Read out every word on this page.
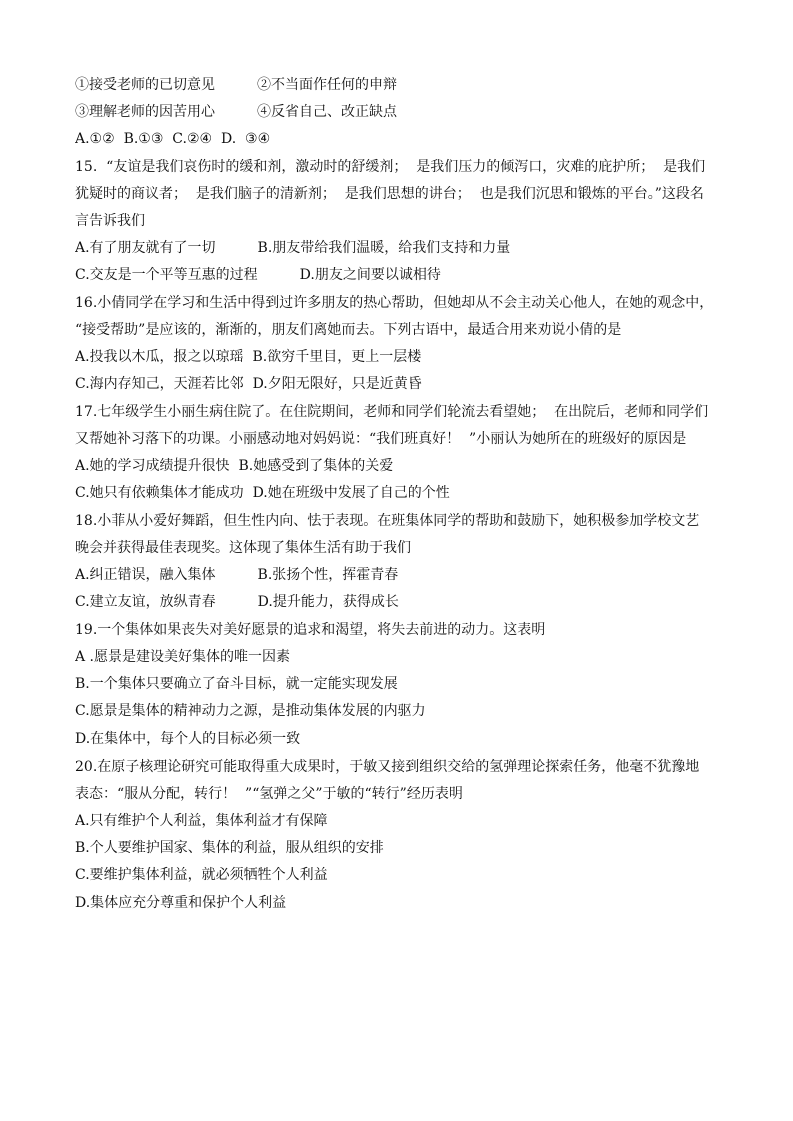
①接受老师的已切意见　　　②不当面作任何的申辩
③理解老师的因苦用心　　　④反省自己、改正缺点
A.①②  B.①③  C.②④  D.  ③④
15.  “友谊是我们哀伤时的缓和剂，激动时的舒缓剂；  是我们压力的倾泻口，灾难的庇护所；  是我们
犹疑时的商议者；  是我们脑子的清新剂；  是我们思想的讲台；  也是我们沉思和锻炼的平台。”这段名
言告诉我们
A.有了朋友就有了一切　　　B.朋友带给我们温暖，给我们支持和力量
C.交友是一个平等互惠的过程　　　D.朋友之间要以诚相待
16.小倩同学在学习和生活中得到过许多朋友的热心帮助，但她却从不会主动关心他人，在她的观念中，
“接受帮助”是应该的，渐渐的，朋友们离她而去。下列古语中，最适合用来劝说小倩的是
A.投我以木瓜，报之以琼瑶  B.欲穷千里目，更上一层楼
C.海内存知己，天涯若比邻  D.夕阳无限好，只是近黄昏
17.七年级学生小丽生病住院了。在住院期间，老师和同学们轮流去看望她；  在出院后，老师和同学们
又帮她补习落下的功课。小丽感动地对妈妈说：“我们班真好！  ”小丽认为她所在的班级好的原因是
A.她的学习成绩提升很快  B.她感受到了集体的关爱
C.她只有依赖集体才能成功  D.她在班级中发展了自己的个性
18.小菲从小爱好舞蹈，但生性内向、怯于表现。在班集体同学的帮助和鼓励下，她积极参加学校文艺
晚会并获得最佳表现奖。这体现了集体生活有助于我们
A.纠正错误，融入集体　　　B.张扬个性，挥霍青春
C.建立友谊，放纵青春　　　D.提升能力，获得成长
19.一个集体如果丧失对美好愿景的追求和渴望，将失去前进的动力。这表明
A .愿景是建设美好集体的唯一因素
B.一个集体只要确立了奋斗目标，就一定能实现发展
C.愿景是集体的精神动力之源，是推动集体发展的内驱力
D.在集体中，每个人的目标必须一致
20.在原子核理论研究可能取得重大成果时，于敏又接到组织交给的氢弹理论探索任务，他毫不犹豫地
表态：“服从分配，转行！  ”“氢弹之父”于敏的“转行”经历表明
A.只有维护个人利益，集体利益才有保障
B.个人要维护国家、集体的利益，服从组织的安排
C.要维护集体利益，就必须牺牲个人利益
D.集体应充分尊重和保护个人利益
